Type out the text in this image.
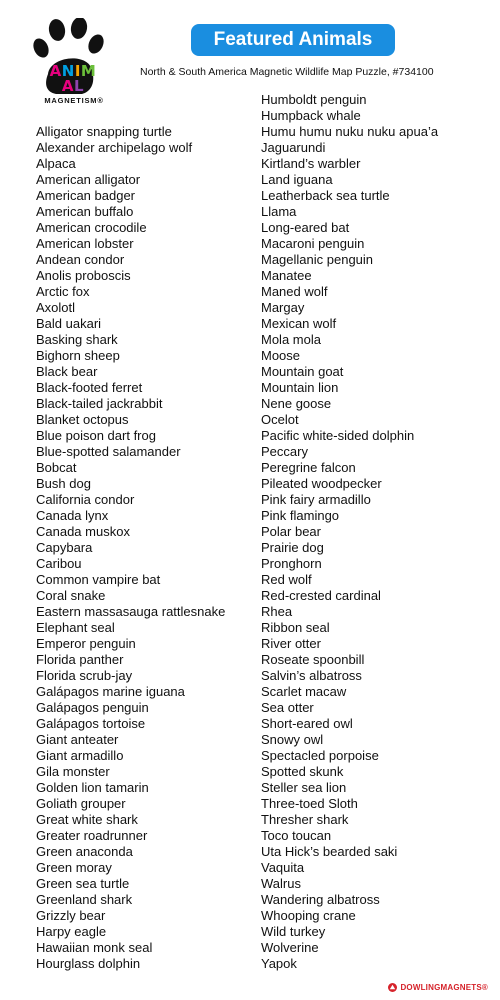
ANIMAL
MAGNETISM®
Featured Animals
North & South America Magnetic Wildlife Map Puzzle, #734100
Alligator snapping turtle
Alexander archipelago wolf
Alpaca
American alligator
American badger
American buffalo
American crocodile
American lobster
Andean condor
Anolis proboscis
Arctic fox
Axolotl
Bald uakari
Basking shark
Bighorn sheep
Black bear
Black-footed ferret
Black-tailed jackrabbit
Blanket octopus
Blue poison dart frog
Blue-spotted salamander
Bobcat
Bush dog
California condor
Canada lynx
Canada muskox
Capybara
Caribou
Common vampire bat
Coral snake
Eastern massasauga rattlesnake
Elephant seal
Emperor penguin
Florida panther
Florida scrub-jay
Galápagos marine iguana
Galápagos penguin
Galápagos tortoise
Giant anteater
Giant armadillo
Gila monster
Golden lion tamarin
Goliath grouper
Great white shark
Greater roadrunner
Green anaconda
Green moray
Green sea turtle
Greenland shark
Grizzly bear
Harpy eagle
Hawaiian monk seal
Hourglass dolphin
Humboldt penguin
Humpback whale
Humu humu nuku nuku apua’a
Jaguarundi
Kirtland’s warbler
Land iguana
Leatherback sea turtle
Llama
Long-eared bat
Macaroni penguin
Magellanic penguin
Manatee
Maned wolf
Margay
Mexican wolf
Mola mola
Moose
Mountain goat
Mountain lion
Nene goose
Ocelot
Pacific white-sided dolphin
Peccary
Peregrine falcon
Pileated woodpecker
Pink fairy armadillo
Pink flamingo
Polar bear
Prairie dog
Pronghorn
Red wolf
Red-crested cardinal
Rhea
Ribbon seal
River otter
Roseate spoonbill
Salvin’s albatross
Scarlet macaw
Sea otter
Short-eared owl
Snowy owl
Spectacled porpoise
Spotted skunk
Steller sea lion
Three-toed Sloth
Thresher shark
Toco toucan
Uta Hick’s bearded saki
Vaquita
Walrus
Wandering albatross
Whooping crane
Wild turkey
Wolverine
Yapok
DOWLING MAGNETS®
